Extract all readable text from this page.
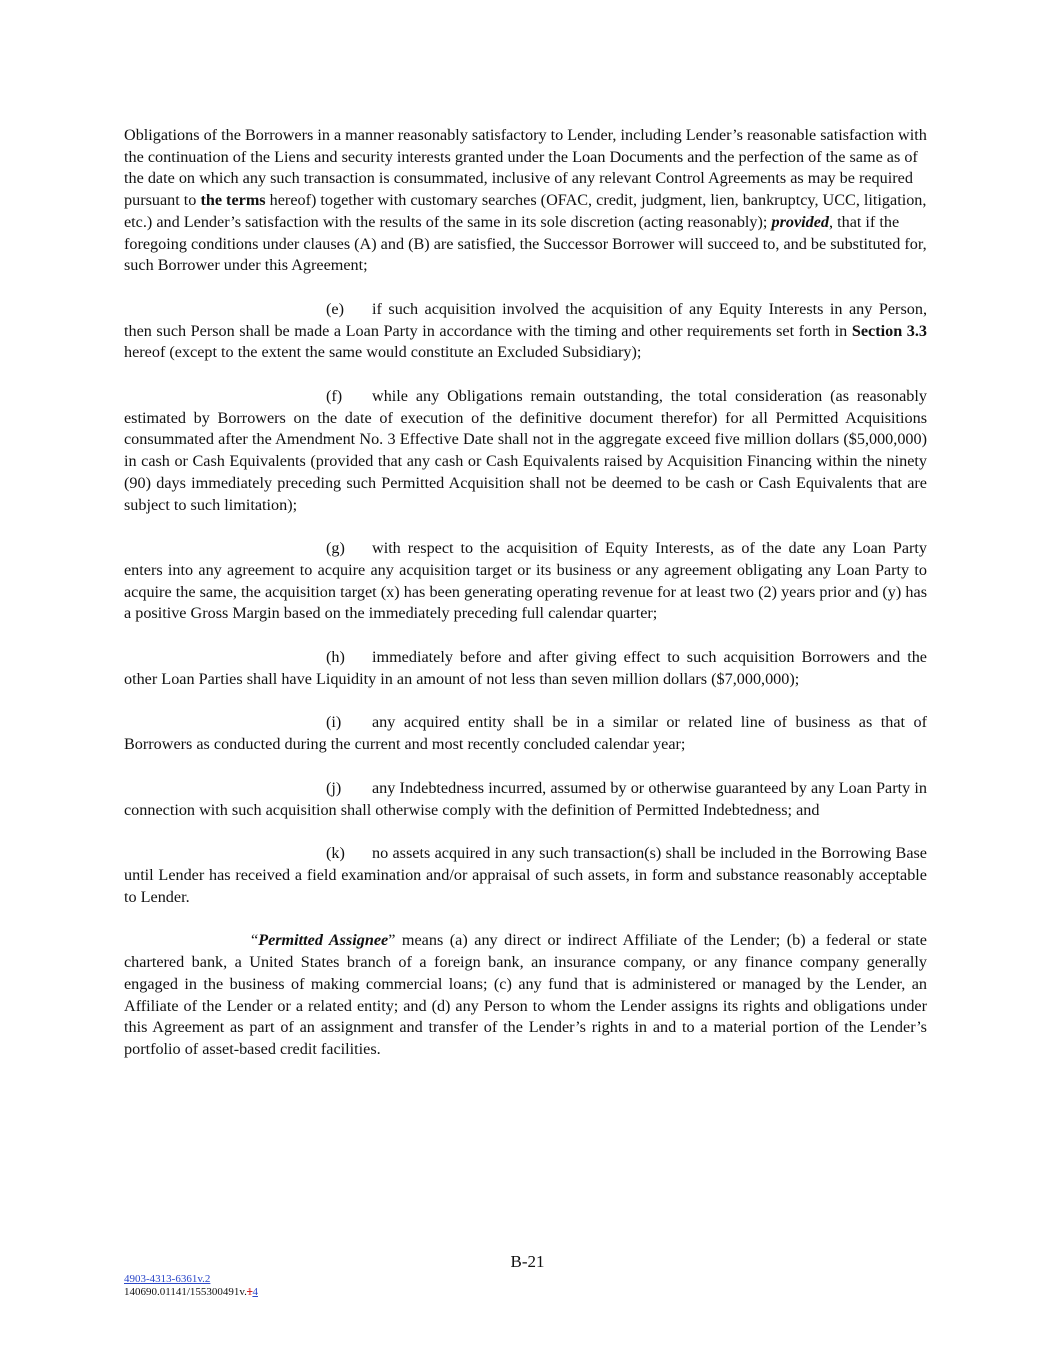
Obligations of the Borrowers in a manner reasonably satisfactory to Lender, including Lender’s reasonable satisfaction with the continuation of the Liens and security interests granted under the Loan Documents and the perfection of the same as of the date on which any such transaction is consummated, inclusive of any relevant Control Agreements as may be required pursuant to the terms hereof) together with customary searches (OFAC, credit, judgment, lien, bankruptcy, UCC, litigation, etc.) and Lender’s satisfaction with the results of the same in its sole discretion (acting reasonably); provided, that if the foregoing conditions under clauses (A) and (B) are satisfied, the Successor Borrower will succeed to, and be substituted for, such Borrower under this Agreement;

(e) if such acquisition involved the acquisition of any Equity Interests in any Person, then such Person shall be made a Loan Party in accordance with the timing and other requirements set forth in Section 3.3 hereof (except to the extent the same would constitute an Excluded Subsidiary);

(f) while any Obligations remain outstanding, the total consideration (as reasonably estimated by Borrowers on the date of execution of the definitive document therefor) for all Permitted Acquisitions consummated after the Amendment No. 3 Effective Date shall not in the aggregate exceed five million dollars ($5,000,000) in cash or Cash Equivalents (provided that any cash or Cash Equivalents raised by Acquisition Financing within the ninety (90) days immediately preceding such Permitted Acquisition shall not be deemed to be cash or Cash Equivalents that are subject to such limitation);

(g) with respect to the acquisition of Equity Interests, as of the date any Loan Party enters into any agreement to acquire any acquisition target or its business or any agreement obligating any Loan Party to acquire the same, the acquisition target (x) has been generating operating revenue for at least two (2) years prior and (y) has a positive Gross Margin based on the immediately preceding full calendar quarter;

(h) immediately before and after giving effect to such acquisition Borrowers and the other Loan Parties shall have Liquidity in an amount of not less than seven million dollars ($7,000,000);

(i) any acquired entity shall be in a similar or related line of business as that of Borrowers as conducted during the current and most recently concluded calendar year;

(j) any Indebtedness incurred, assumed by or otherwise guaranteed by any Loan Party in connection with such acquisition shall otherwise comply with the definition of Permitted Indebtedness; and

(k) no assets acquired in any such transaction(s) shall be included in the Borrowing Base until Lender has received a field examination and/or appraisal of such assets, in form and substance reasonably acceptable to Lender.

“Permitted Assignee” means (a) any direct or indirect Affiliate of the Lender; (b) a federal or state chartered bank, a United States branch of a foreign bank, an insurance company, or any finance company generally engaged in the business of making commercial loans; (c) any fund that is administered or managed by the Lender, an Affiliate of the Lender or a related entity; and (d) any Person to whom the Lender assigns its rights and obligations under this Agreement as part of an assignment and transfer of the Lender’s rights in and to a material portion of the Lender’s portfolio of asset-based credit facilities.

B-21
4903-4313-6361v.2
140690.01141/155300491v.14
